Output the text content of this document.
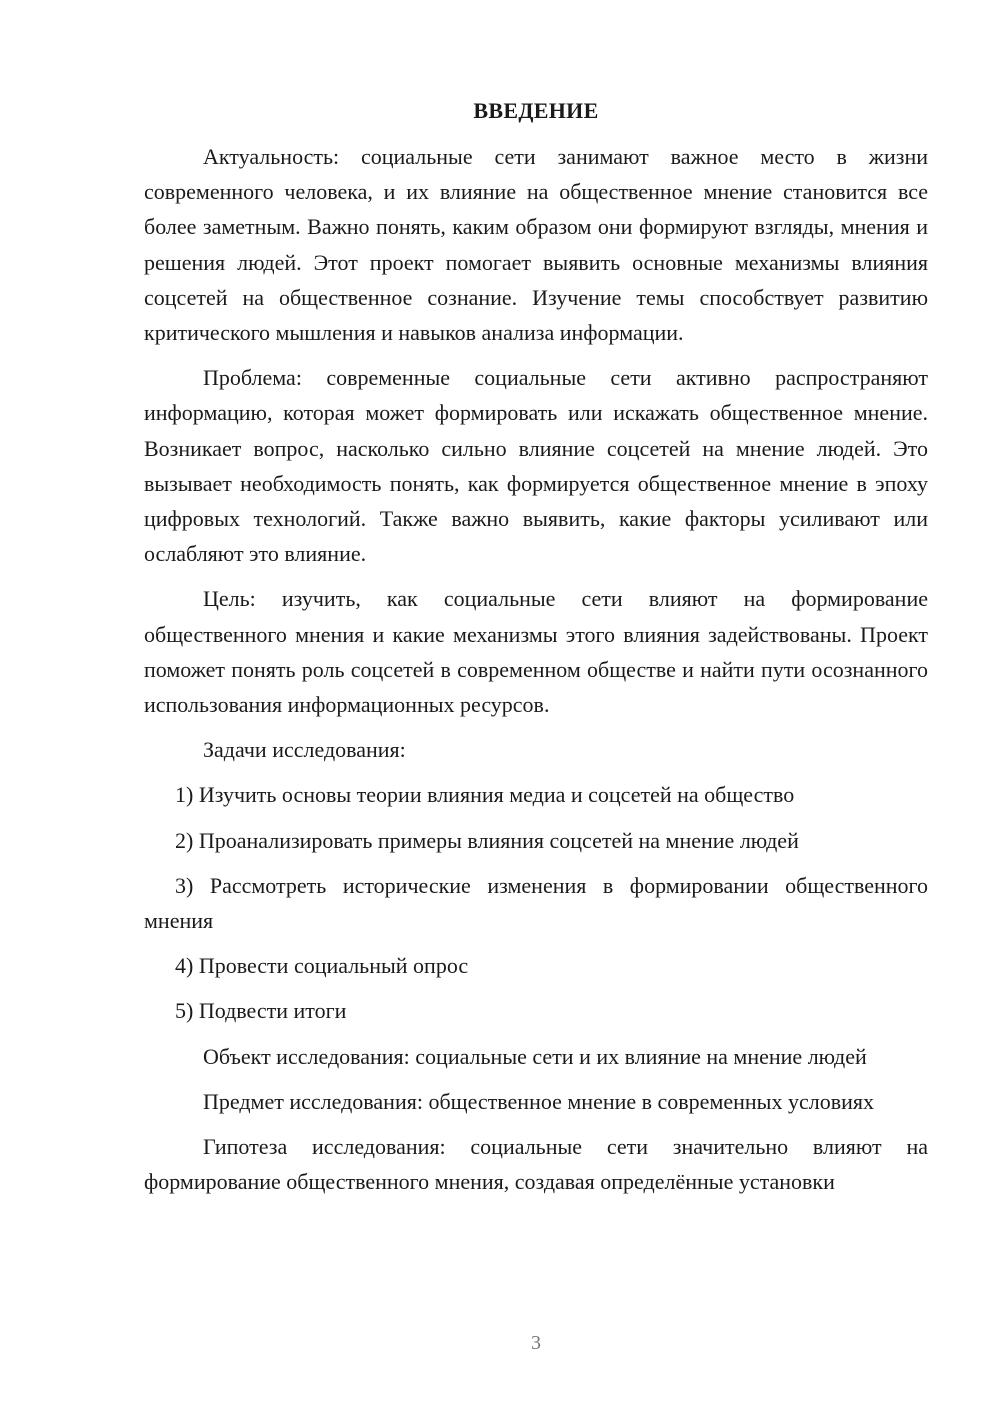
ВВЕДЕНИЕ

Актуальность: социальные сети занимают важное место в жизни современного человека, и их влияние на общественное мнение становится все более заметным. Важно понять, каким образом они формируют взгляды, мнения и решения людей. Этот проект помогает выявить основные механизмы влияния соцсетей на общественное сознание. Изучение темы способствует развитию критического мышления и навыков анализа информации.

Проблема: современные социальные сети активно распространяют информацию, которая может формировать или искажать общественное мнение. Возникает вопрос, насколько сильно влияние соцсетей на мнение людей. Это вызывает необходимость понять, как формируется общественное мнение в эпоху цифровых технологий. Также важно выявить, какие факторы усиливают или ослабляют это влияние.

Цель: изучить, как социальные сети влияют на формирование общественного мнения и какие механизмы этого влияния задействованы. Проект поможет понять роль соцсетей в современном обществе и найти пути осознанного использования информационных ресурсов.

Задачи исследования:

1) Изучить основы теории влияния медиа и соцсетей на общество

2) Проанализировать примеры влияния соцсетей на мнение людей

3) Рассмотреть исторические изменения в формировании общественного мнения

4) Провести социальный опрос

5) Подвести итоги

Объект исследования: социальные сети и их влияние на мнение людей

Предмет исследования: общественное мнение в современных условиях

Гипотеза исследования: социальные сети значительно влияют на формирование общественного мнения, создавая определённые установки

3
